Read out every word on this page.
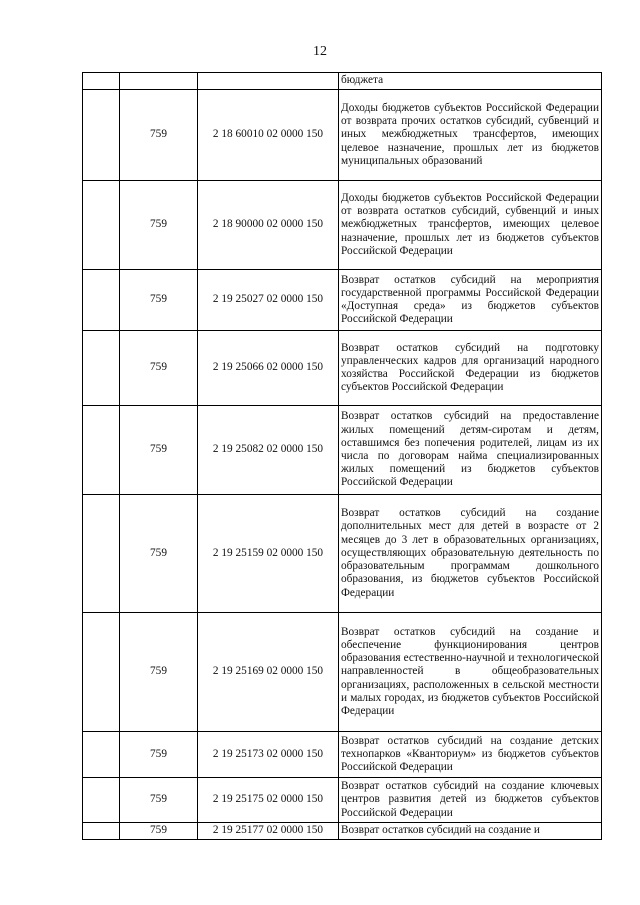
12
			бюджета
	759	2 18 60010 02 0000 150	Доходы бюджетов субъектов Российской Федерации от возврата прочих остатков субсидий, субвенций и иных межбюджетных трансфертов, имеющих целевое назначение, прошлых лет из бюджетов муниципальных образований
	759	2 18 90000 02 0000 150	Доходы бюджетов субъектов Российской Федерации от возврата остатков субсидий, субвенций и иных межбюджетных трансфертов, имеющих целевое назначение, прошлых лет из бюджетов субъектов Российской Федерации
	759	2 19 25027 02 0000 150	Возврат остатков субсидий на мероприятия государственной программы Российской Федерации «Доступная среда» из бюджетов субъектов Российской Федерации
	759	2 19 25066 02 0000 150	Возврат остатков субсидий на подготовку управленческих кадров для организаций народного хозяйства Российской Федерации из бюджетов субъектов Российской Федерации
	759	2 19 25082 02 0000 150	Возврат остатков субсидий на предоставление жилых помещений детям-сиротам и детям, оставшимся без попечения родителей, лицам из их числа по договорам найма специализированных жилых помещений из бюджетов субъектов Российской Федерации
	759	2 19 25159 02 0000 150	Возврат остатков субсидий на создание дополнительных мест для детей в возрасте от 2 месяцев до 3 лет в образовательных организациях, осуществляющих образовательную деятельность по образовательным программам дошкольного образования, из бюджетов субъектов Российской Федерации
	759	2 19 25169 02 0000 150	Возврат остатков субсидий на создание и обеспечение функционирования центров образования естественно-научной и технологической направленностей в общеобразовательных организациях, расположенных в сельской местности и малых городах, из бюджетов субъектов Российской Федерации
	759	2 19 25173 02 0000 150	Возврат остатков субсидий на создание детских технопарков «Кванториум» из бюджетов субъектов Российской Федерации
	759	2 19 25175 02 0000 150	Возврат остатков субсидий на создание ключевых центров развития детей из бюджетов субъектов Российской Федерации
	759	2 19 25177 02 0000 150	Возврат остатков субсидий на создание и
